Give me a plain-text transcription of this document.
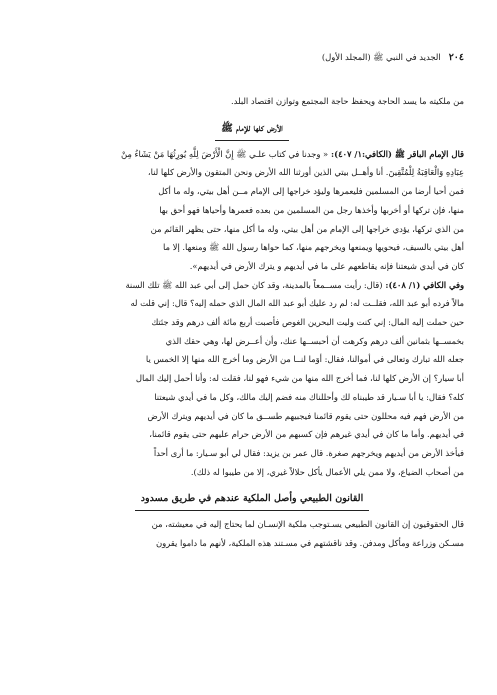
٢٠٤
الجديد في النبي ﷺ (المجلد الأول)

من ملكيته ما يسد الحاجة ويحفظ حاجة المجتمع وتوازن اقتصاد البلد.

الأرض كلها للإمام ﷺ

قال الإمام الباقر ﷺ (الكافي:١/ ٤٠٧): « وجدنا في كتاب علـي ﷺ إِنَّ الْأَرْضَ لِلَّهِ يُورِثُهَا مَنْ يَشَاءُ مِنْ

عِبَادِهِ وَالْعَاقِبَةُ لِلْمُتَّقِينَ. أنا وأهــل بيتي الذين أورثنا الله الأرض ونحن المتقون والأرض كلها لنا،

فمن أحيا أرضا من المسلمين فليعمرها وليؤد خراجها إلى الإمام مــن أهل بيتي، وله ما أكل

منها، فإن تركها أو أخربها وأخذها رجل من المسلمين من بعده فعمرها وأحياها فهو أحق بها

من الذي تركها، يؤدي خراجها إلى الإمام من أهل بيتي، وله ما أكل منها، حتى يظهر القائم من

أهل بيتي بالسيف، فيحويها ويمنعها ويخرجهم منها، كما حواها رسول الله ﷺ ومنعها. إلا ما

كان في أيدي شيعتنا فإنه يقاطعهم على ما في أيديهم و يترك الأرض في أيديهم».

وفي الكافي (١/ ٤٠٨): (قال: رأيت مســمعاً بالمدينة، وقد كان حمل إلى أبي عبد الله ﷺ تلك السنة

مالاً فرده أبو عبد الله، فقلــت له: لم رد عليك أبو عبد الله المال الذي حمله إليه؟ قال: إني قلت له

حين حملت إليه المال: إني كنت وليت البحرين الغوص فأصبت أربع مائة ألف درهم وقد جئتك

بخمســها بثمانين ألف درهم وكرهت أن أحبســها عنك، وأن أعــرض لها، وهي حقك الذي

جعله الله تبارك وتعالى في أموالنا، فقال: أوَما لنــا من الأرض وما أخرج الله منها إلا الخمس يا

أبا سيار؟ إن الأرض كلها لنا، فما أخرج الله منها من شيء فهو لنا، فقلت له: وأنا أحمل إليك المال

كله؟ فقال: يا أبا سـيار قد طيبناه لك وأحللناك منه فضم إليك مالك، وكل ما في أيدي شيعتنا

من الأرض فهم فيه محللون حتى يقوم قائمنا فيجبيهم طســق ما كان في أيديهم ويترك الأرض

في أيديهم. وأما ما كان في أيدي غيرهم فإن كسبهم من الأرض حرام عليهم حتى يقوم قائمنا،

فيأخذ الأرض من أيديهم ويخرجهم صغرة. قال عمر بن يزيد: فقال لي أبو سـيار: ما أرى أحداً

من أصحاب الضياع، ولا ممن يلي الأعمال يأكل حلالاً غيري، إلا من طيبوا له ذلك).

القانون الطبيعي وأصل الملكية عندهم في طريق مسدود

قال الحقوقيون إن القانون الطبيعي يسـتوجب ملكية الإنسـان لما يحتاج إليه في معيشته، من

مسـكن وزراعة ومأكل ومدفن. وقد ناقشتهم في مسـتند هذه الملكية، لأنهم ما داموا يقرون
